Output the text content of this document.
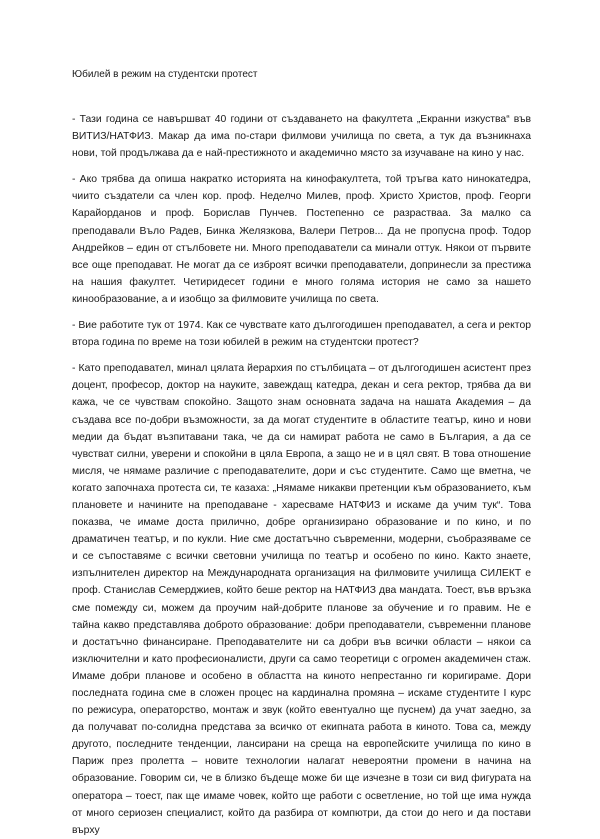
Юбилей в режим на студентски протест

- Тази година се навършват 40 години от създаването на факултета „Екранни изкуства“ във ВИТИЗ/НАТФИЗ. Макар да има по-стари филмови училища по света, а тук да възникнаха нови, той продължава да е най-престижното и академично място за изучаване на кино у нас.

- Ако трябва да опиша накратко историята на кинофакултета, той тръгва като нинокатедра, чиито създатели са член кор. проф. Неделчо Милев, проф. Христо Христов, проф. Георги Карайорданов и проф. Борислав Пунчев. Постепенно се разрастваа. За малко са преподавали Въло Радев, Бинка Желязкова, Валери Петров... Да не пропусна проф. Тодор Андрейков – един от стълбовете ни. Много преподаватели са минали оттук. Някои от първите все още преподават. Не могат да се изброят всички преподаватели, допринесли за престижа на нашия факултет. Четиридесет години е много голяма история не само за нашето кинообразование, а и изобщо за филмовите училища по света.

- Вие работите тук от 1974. Как се чувствате като дългогодишен преподавател, а сега и ректор втора година по време на този юбилей в режим на студентски протест?

- Като преподавател, минал цялата йерархия по стълбицата – от дългогодишен асистент през доцент, професор, доктор на науките, завеждащ катедра, декан и сега ректор, трябва да ви кажа, че се чувствам спокойно. Защото знам основната задача на нашата Академия – да създава все по-добри възможности, за да могат студентите в областите театър, кино и нови медии да бъдат възпитавани така, че да си намират работа не само в България, а да се чувстват силни, уверени и спокойни в цяла Европа, а защо не и в цял свят. В това отношение мисля, че нямаме различие с преподавателите, дори и със студентите. Само ще вметна, че когато започнаха протеста си, те казаха: „Нямаме никакви претенции към образованието, към плановете и начините на преподаване - харесваме НАТФИЗ и искаме да учим тук“. Това показва, че имаме доста прилично, добре организирано образование и по кино, и по драматичен театър, и по кукли. Ние сме достатъчно съвременни, модерни, съобразяваме се и се съпоставяме с всички световни училища по театър и особено по кино. Както знаете, изпълнителен директор на Международната организация на филмовите училища СИЛЕКТ е проф. Станислав Семерджиев, който беше ректор на НАТФИЗ два мандата. Тоест, във връзка сме помежду си, можем да проучим най-добрите планове за обучение и го правим. Не е тайна какво представлява доброто образование: добри преподаватели, съвременни планове и достатъчно финансиране. Преподавателите ни са добри във всички области – някои са изключителни и като професионалисти, други са само теоретици с огромен академичен стаж. Имаме добри планове и особено в областта на киното непрестанно ги коригираме. Дори последната година сме в сложен процес на кардинална промяна – искаме студентите I курс по режисура, операторство, монтаж и звук (който евентуално ще пуснем) да учат заедно, за да получават по-солидна представа за всичко от екипната работа в киното. Това са, между другото, последните тенденции, лансирани на среща на европейските училища по кино в Париж през пролетта – новите технологии налагат невероятни промени в начина на образование. Говорим си, че в близко бъдеще може би ще изчезне в този си вид фигурата на оператора – тоест, пак ще имаме човек, който ще работи с осветление, но той ще има нужда от много сериозен специалист, който да разбира от компютри, да стои до него и да постави върху
